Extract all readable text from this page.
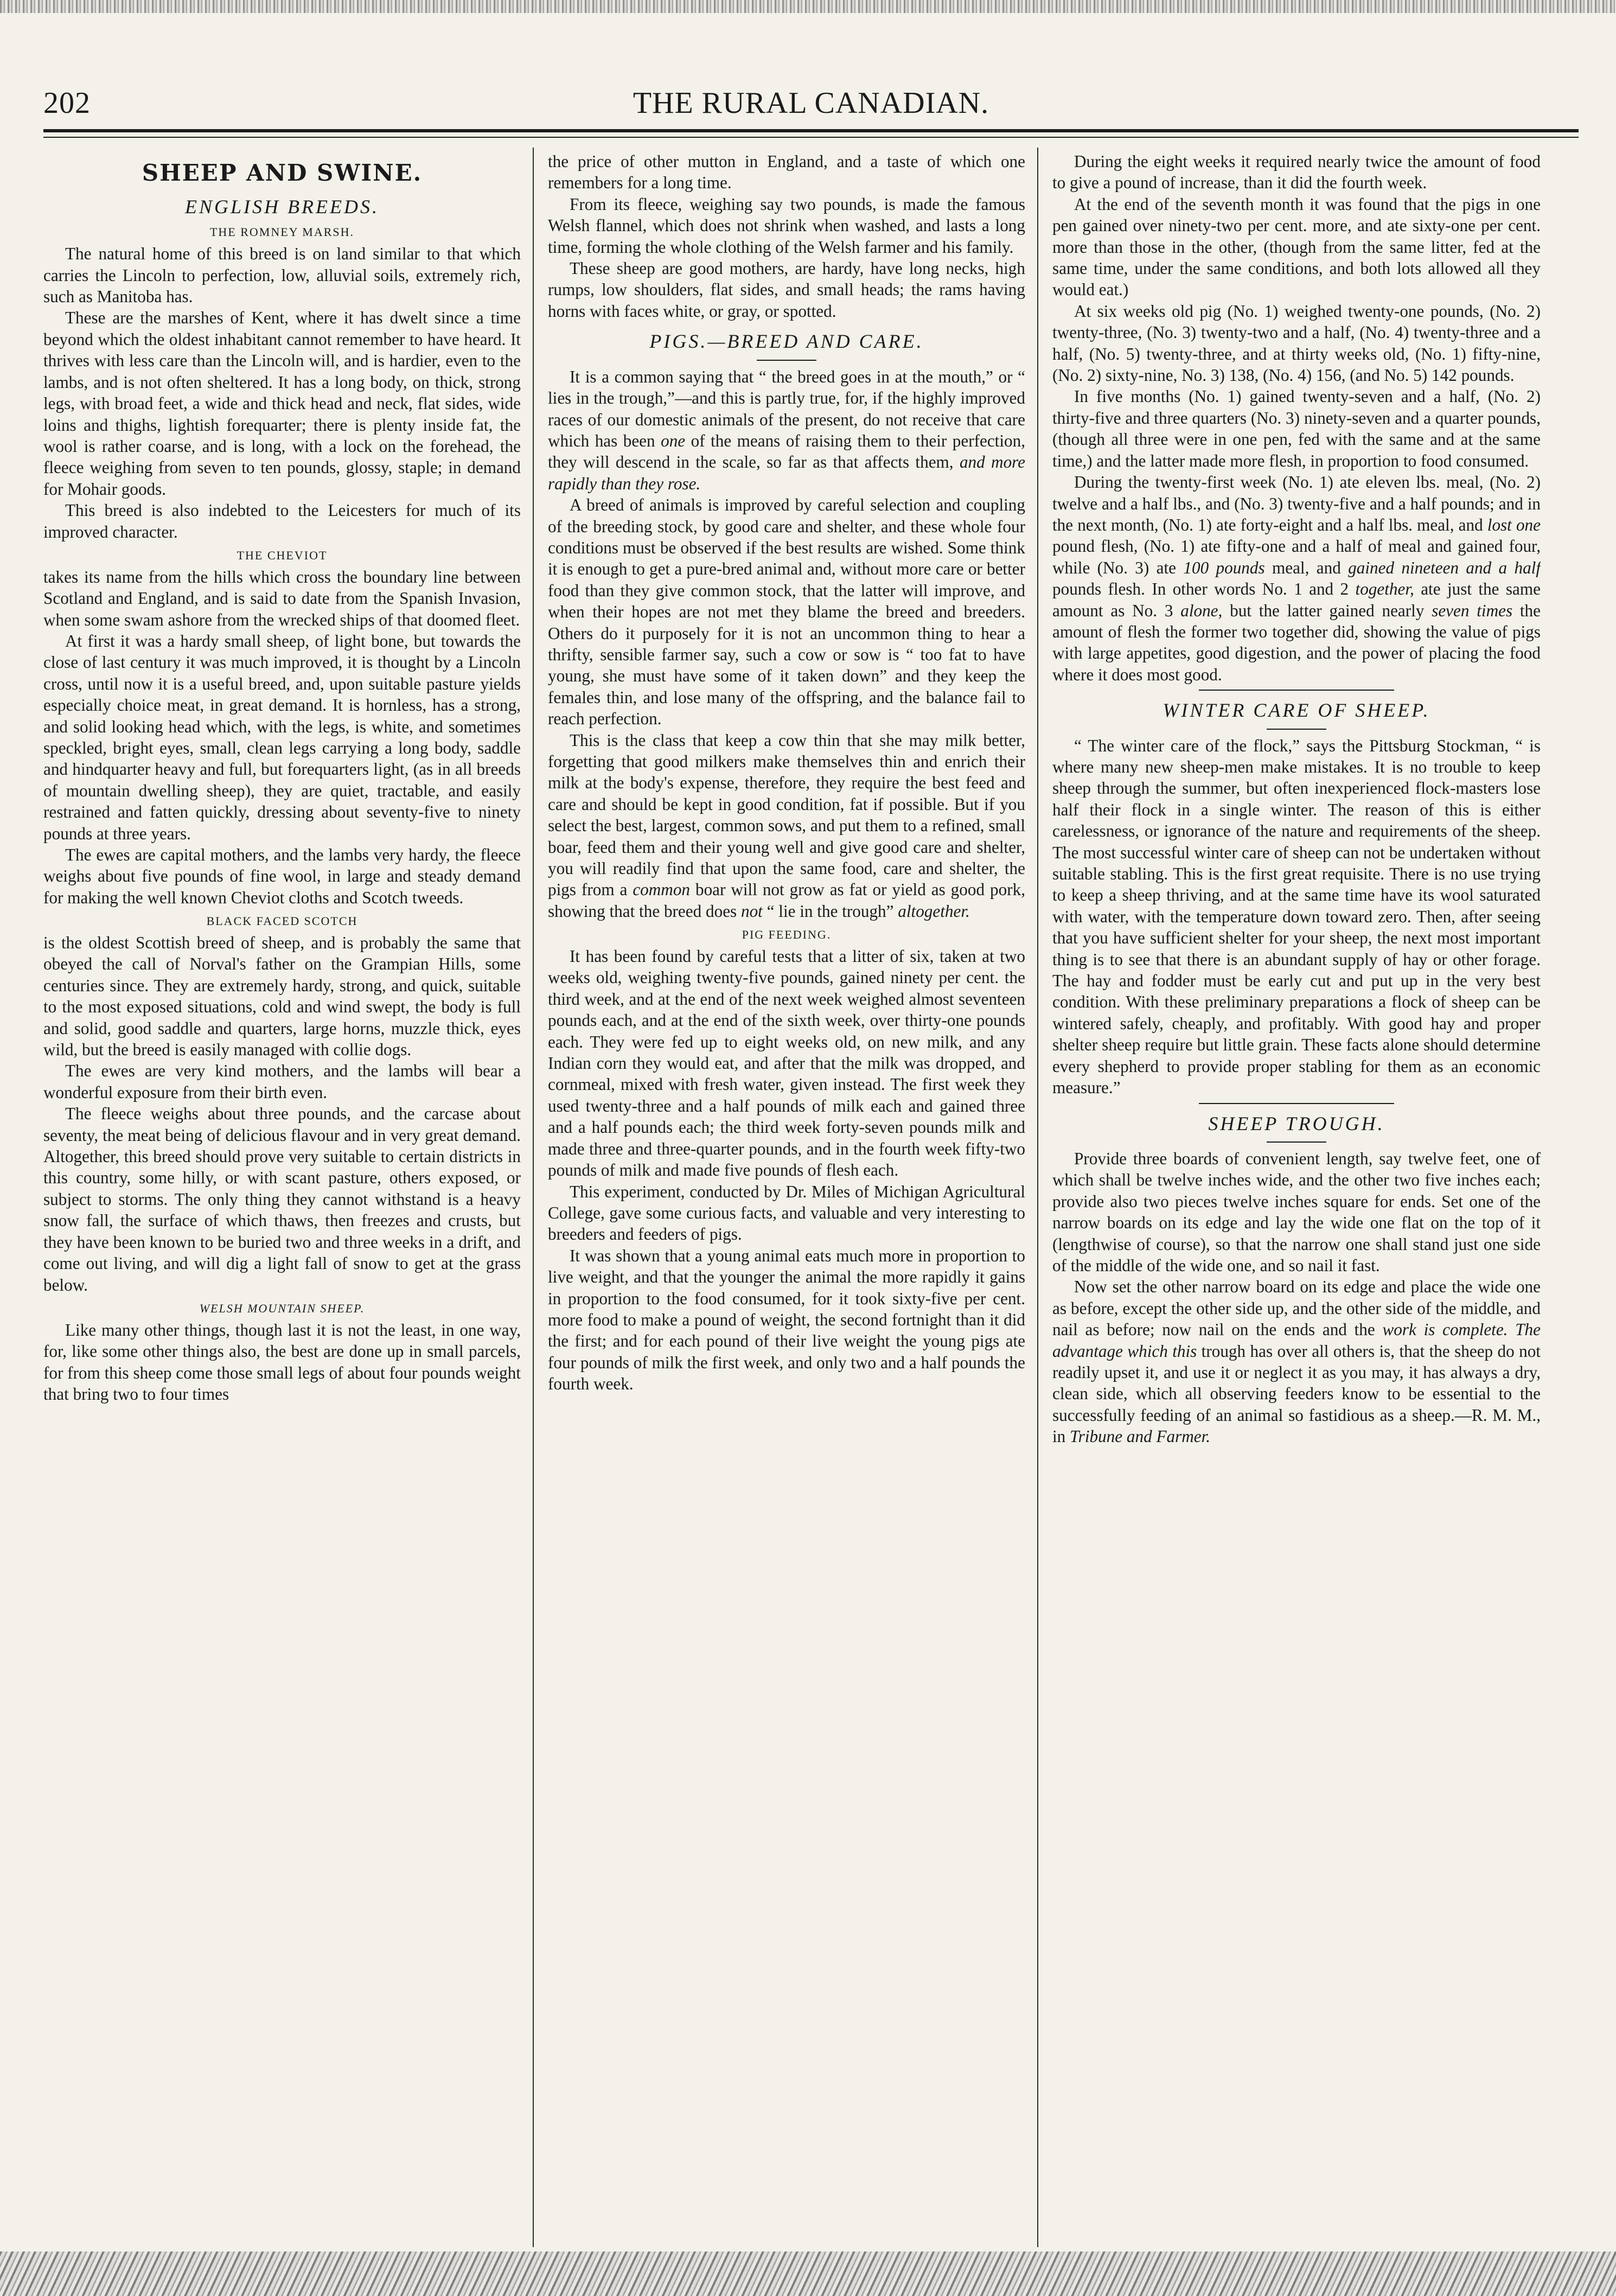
202	THE RURAL CANADIAN.
SHEEP AND SWINE.
ENGLISH BREEDS.
THE ROMNEY MARSH.

The natural home of this breed is on land similar to that which carries the Lincoln to perfection, low, alluvial soils, extremely rich, such as Manitoba has.

These are the marshes of Kent, where it has dwelt since a time beyond which the oldest inhabitant cannot remember to have heard. It thrives with less care than the Lincoln will, and is hardier, even to the lambs, and is not often sheltered. It has a long body, on thick, strong legs, with broad feet, a wide and thick head and neck, flat sides, wide loins and thighs, lightish forequarter; there is plenty inside fat, the wool is rather coarse, and is long, with a lock on the forehead, the fleece weighing from seven to ten pounds, glossy, staple; in demand for Mohair goods.

This breed is also indebted to the Leicesters for much of its improved character.

THE CHEVIOT

takes its name from the hills which cross the boundary line between Scotland and England, and is said to date from the Spanish Invasion, when some swam ashore from the wrecked ships of that doomed fleet.

At first it was a hardy small sheep, of light bone, but towards the close of last century it was much improved, it is thought by a Lincoln cross, until now it is a useful breed, and, upon suitable pasture yields especially choice meat, in great demand. It is hornless, has a strong, and solid looking head which, with the legs, is white, and sometimes speckled, bright eyes, small, clean legs carrying a long body, saddle and hindquarter heavy and full, but forequarters light, (as in all breeds of mountain dwelling sheep), they are quiet, tractable, and easily restrained and fatten quickly, dressing about seventy-five to ninety pounds at three years.

The ewes are capital mothers, and the lambs very hardy, the fleece weighs about five pounds of fine wool, in large and steady demand for making the well known Cheviot cloths and Scotch tweeds.

BLACK FACED SCOTCH

is the oldest Scottish breed of sheep, and is probably the same that obeyed the call of Norval's father on the Grampian Hills, some centuries since. They are extremely hardy, strong, and quick, suitable to the most exposed situations, cold and wind swept, the body is full and solid, good saddle and quarters, large horns, muzzle thick, eyes wild, but the breed is easily managed with collie dogs.

The ewes are very kind mothers, and the lambs will bear a wonderful exposure from their birth even.

The fleece weighs about three pounds, and the carcase about seventy, the meat being of delicious flavour and in very great demand. Altogether, this breed should prove very suitable to certain districts in this country, some hilly, or with scant pasture, others exposed, or subject to storms. The only thing they cannot withstand is a heavy snow fall, the surface of which thaws, then freezes and crusts, but they have been known to be buried two and three weeks in a drift, and come out living, and will dig a light fall of snow to get at the grass below.

WELSH MOUNTAIN SHEEP.

Like many other things, though last it is not the least, in one way, for, like some other things also, the best are done up in small parcels, for from this sheep come those small legs of about four pounds weight that bring two to four times

the price of other mutton in England, and a taste of which one remembers for a long time.

From its fleece, weighing say two pounds, is made the famous Welsh flannel, which does not shrink when washed, and lasts a long time, forming the whole clothing of the Welsh farmer and his family.

These sheep are good mothers, are hardy, have long necks, high rumps, low shoulders, flat sides, and small heads; the rams having horns with faces white, or gray, or spotted.

PIGS.—BREED AND CARE.

It is a common saying that “ the breed goes in at the mouth,” or “ lies in the trough,”—and this is partly true, for, if the highly improved races of our domestic animals of the present, do not receive that care which has been one of the means of raising them to their perfection, they will descend in the scale, so far as that affects them, and more rapidly than they rose.

A breed of animals is improved by careful selection and coupling of the breeding stock, by good care and shelter, and these whole four conditions must be observed if the best results are wished. Some think it is enough to get a pure-bred animal and, without more care or better food than they give common stock, that the latter will improve, and when their hopes are not met they blame the breed and breeders. Others do it purposely for it is not an uncommon thing to hear a thrifty, sensible farmer say, such a cow or sow is “ too fat to have young, she must have some of it taken down” and they keep the females thin, and lose many of the offspring, and the balance fail to reach perfection.

This is the class that keep a cow thin that she may milk better, forgetting that good milkers make themselves thin and enrich their milk at the body's expense, therefore, they require the best feed and care and should be kept in good condition, fat if possible. But if you select the best, largest, common sows, and put them to a refined, small boar, feed them and their young well and give good care and shelter, you will readily find that upon the same food, care and shelter, the pigs from a common boar will not grow as fat or yield as good pork, showing that the breed does not “ lie in the trough” altogether.

PIG FEEDING.

It has been found by careful tests that a litter of six, taken at two weeks old, weighing twenty-five pounds, gained ninety per cent. the third week, and at the end of the next week weighed almost seventeen pounds each, and at the end of the sixth week, over thirty-one pounds each. They were fed up to eight weeks old, on new milk, and any Indian corn they would eat, and after that the milk was dropped, and cornmeal, mixed with fresh water, given instead. The first week they used twenty-three and a half pounds of milk each and gained three and a half pounds each; the third week forty-seven pounds milk and made three and three-quarter pounds, and in the fourth week fifty-two pounds of milk and made five pounds of flesh each.

This experiment, conducted by Dr. Miles of Michigan Agricultural College, gave some curious facts, and valuable and very interesting to breeders and feeders of pigs.

It was shown that a young animal eats much more in proportion to live weight, and that the younger the animal the more rapidly it gains in proportion to the food consumed, for it took sixty-five per cent. more food to make a pound of weight, the second fortnight than it did the first; and for each pound of their live weight the young pigs ate four pounds of milk the first week, and only two and a half pounds the fourth week.

During the eight weeks it required nearly twice the amount of food to give a pound of increase, than it did the fourth week.

At the end of the seventh month it was found that the pigs in one pen gained over ninety-two per cent. more, and ate sixty-one per cent. more than those in the other, (though from the same litter, fed at the same time, under the same conditions, and both lots allowed all they would eat.)

At six weeks old pig (No. 1) weighed twenty-one pounds, (No. 2) twenty-three, (No. 3) twenty-two and a half, (No. 4) twenty-three and a half, (No. 5) twenty-three, and at thirty weeks old, (No. 1) fifty-nine, (No. 2) sixty-nine, No. 3) 138, (No. 4) 156, (and No. 5) 142 pounds.

In five months (No. 1) gained twenty-seven and a half, (No. 2) thirty-five and three quarters (No. 3) ninety-seven and a quarter pounds, (though all three were in one pen, fed with the same and at the same time,) and the latter made more flesh, in proportion to food consumed.

During the twenty-first week (No. 1) ate eleven lbs. meal, (No. 2) twelve and a half lbs., and (No. 3) twenty-five and a half pounds; and in the next month, (No. 1) ate forty-eight and a half lbs. meal, and lost one pound flesh, (No. 1) ate fifty-one and a half of meal and gained four, while (No. 3) ate 100 pounds meal, and gained nineteen and a half pounds flesh. In other words No. 1 and 2 together, ate just the same amount as No. 3 alone, but the latter gained nearly seven times the amount of flesh the former two together did, showing the value of pigs with large appetites, good digestion, and the power of placing the food where it does most good.

WINTER CARE OF SHEEP.

“ The winter care of the flock,” says the Pittsburg Stockman, “ is where many new sheep-men make mistakes. It is no trouble to keep sheep through the summer, but often inexperienced flock-masters lose half their flock in a single winter. The reason of this is either carelessness, or ignorance of the nature and requirements of the sheep. The most successful winter care of sheep can not be undertaken without suitable stabling. This is the first great requisite. There is no use trying to keep a sheep thriving, and at the same time have its wool saturated with water, with the temperature down toward zero. Then, after seeing that you have sufficient shelter for your sheep, the next most important thing is to see that there is an abundant supply of hay or other forage. The hay and fodder must be early cut and put up in the very best condition. With these preliminary preparations a flock of sheep can be wintered safely, cheaply, and profitably. With good hay and proper shelter sheep require but little grain. These facts alone should determine every shepherd to provide proper stabling for them as an economic measure.”

SHEEP TROUGH.

Provide three boards of convenient length, say twelve feet, one of which shall be twelve inches wide, and the other two five inches each; provide also two pieces twelve inches square for ends. Set one of the narrow boards on its edge and lay the wide one flat on the top of it (lengthwise of course), so that the narrow one shall stand just one side of the middle of the wide one, and so nail it fast.

Now set the other narrow board on its edge and place the wide one as before, except the other side up, and the other side of the middle, and nail as before; now nail on the ends and the work is complete. The advantage which this trough has over all others is, that the sheep do not readily upset it, and use it or neglect it as you may, it has always a dry, clean side, which all observing feeders know to be essential to the successfully feeding of an animal so fastidious as a sheep.—R. M. M., in Tribune and Farmer.
